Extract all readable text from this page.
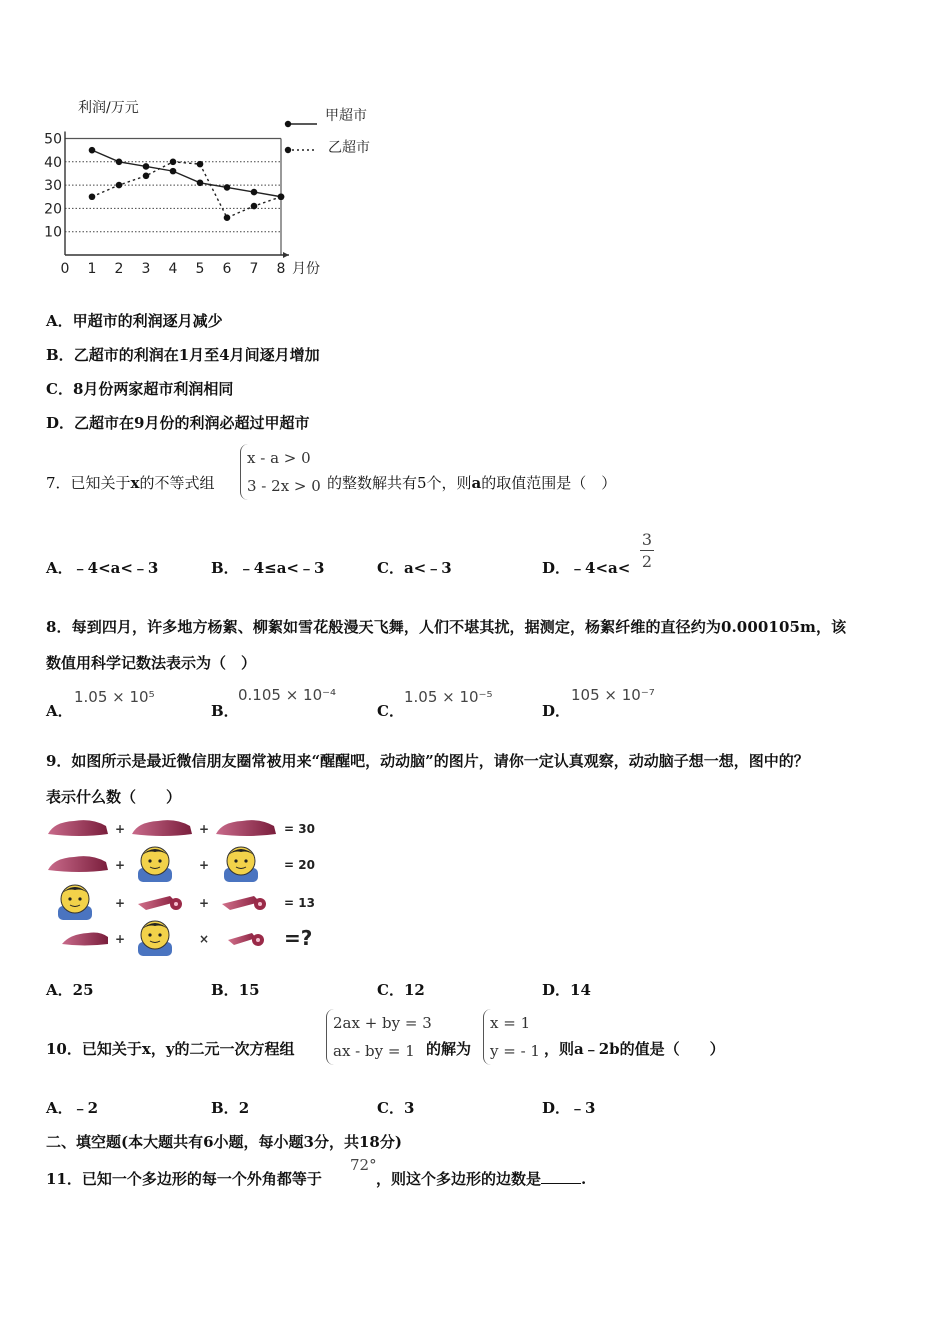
利润/万元
10
20
30
40
50
0 1 2 3 4 5 6 7 8 月份
甲超市
乙超市
A．甲超市的利润逐月减少
B．乙超市的利润在1月至4月间逐月增加
C．8月份两家超市利润相同
D．乙超市在9月份的利润必超过甲超市
7．已知关于x的不等式组
x - a > 0
3 - 2x > 0 的整数解共有5个，则a的取值范围是（　）
A．﹣4<a<﹣3	B．﹣4≤a<﹣3	C．a<﹣3	D．﹣4<a<
3
2
8．每到四月，许多地方杨絮、柳絮如雪花般漫天飞舞，人们不堪其扰，据测定，杨絮纤维的直径约为0.000105m，该
数值用科学记数法表示为（　）
A．
1.05 × 10⁵
B．
0.105 × 10⁻⁴
C．
1.05 × 10⁻⁵
D．
105 × 10⁻⁷
9．如图所示是最近微信朋友圈常被用来“醒醒吧，动动脑”的图片，请你一定认真观察，动动脑子想一想，图中的？
表示什么数（　　）
+	+	= 30
+	+	= 20
+	+	= 13
+	×	=?
A．25	B．15	C．12	D．14
10．已知关于x，y的二元一次方程组
2ax + by = 3
ax - by = 1 的解为
x = 1
y = - 1 ，则a﹣2b的值是（　　）
A．﹣2	B．2	C．3	D．﹣3
二、填空题(本大题共有6小题，每小题3分，共18分)
11．已知一个多边形的每一个外角都等于
72°
，则这个多边形的边数是	.
